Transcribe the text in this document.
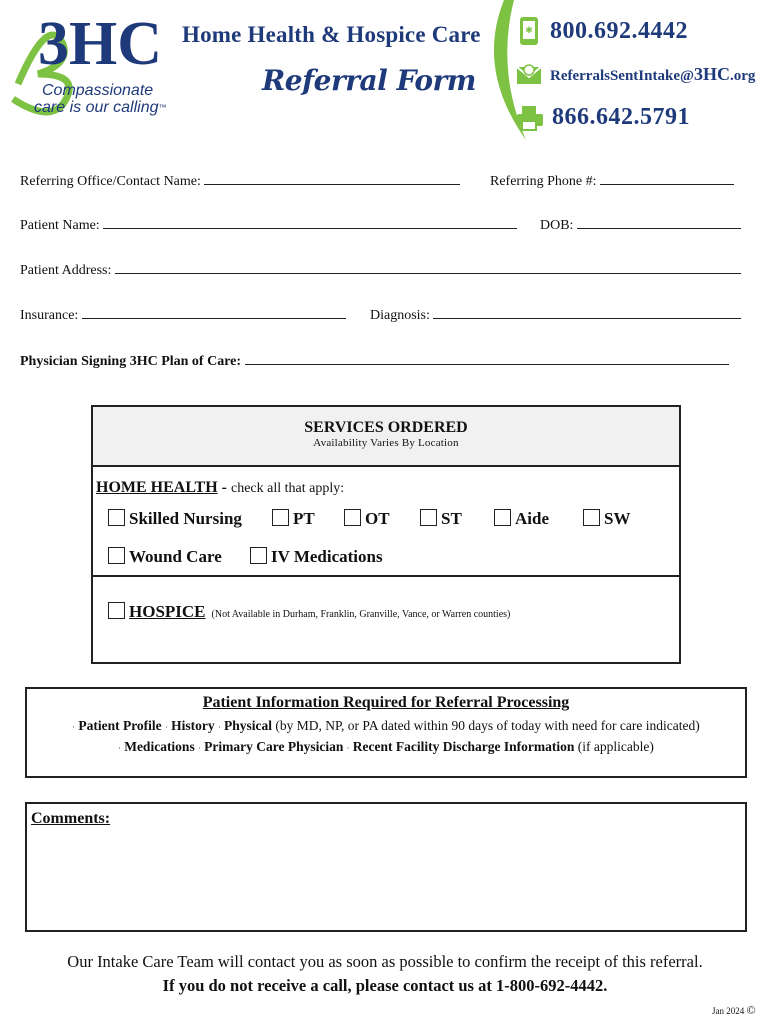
3HC
Compassionate
care is our calling™
Home Health & Hospice Care
Referral Form
✱ 800.692.4442
ReferralsSentIntake@3HC.org
866.642.5791
Referring Office/Contact Name:	Referring Phone #:
Patient Name:	DOB:
Patient Address:
Insurance:	Diagnosis:
Physician Signing 3HC Plan of Care:
SERVICES ORDERED
Availability Varies By Location
HOME HEALTH - check all that apply:
Skilled Nursing	PT	OT	ST	Aide	SW
Wound Care	IV Medications
HOSPICE (Not Available in Durham, Franklin, Granville, Vance, or Warren counties)
Patient Information Required for Referral Processing
· Patient Profile · History · Physical (by MD, NP, or PA dated within 90 days of today with need for care indicated)
· Medications · Primary Care Physician · Recent Facility Discharge Information (if applicable)
Comments:
Our Intake Care Team will contact you as soon as possible to confirm the receipt of this referral.
If you do not receive a call, please contact us at 1-800-692-4442.
Jan 2024 ©
